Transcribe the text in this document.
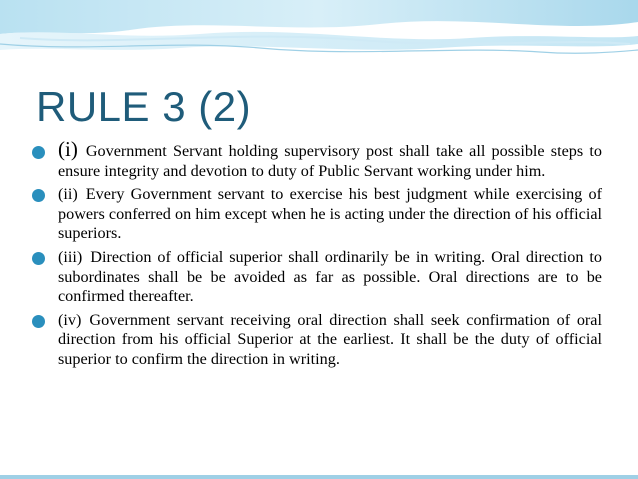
RULE 3 (2)
(i) Government Servant holding supervisory post shall take all possible steps to ensure integrity and devotion to duty of Public Servant working under him.
(ii) Every Government servant to exercise his best judgment while exercising of powers conferred on him except when he is acting under the direction of his official superiors.
(iii) Direction of official superior shall ordinarily be in writing. Oral direction to subordinates shall be be avoided as far as possible. Oral directions are to be confirmed thereafter.
(iv) Government servant receiving oral direction shall seek confirmation of oral direction from his official Superior at the earliest. It shall be the duty of official superior to confirm the direction in writing.
